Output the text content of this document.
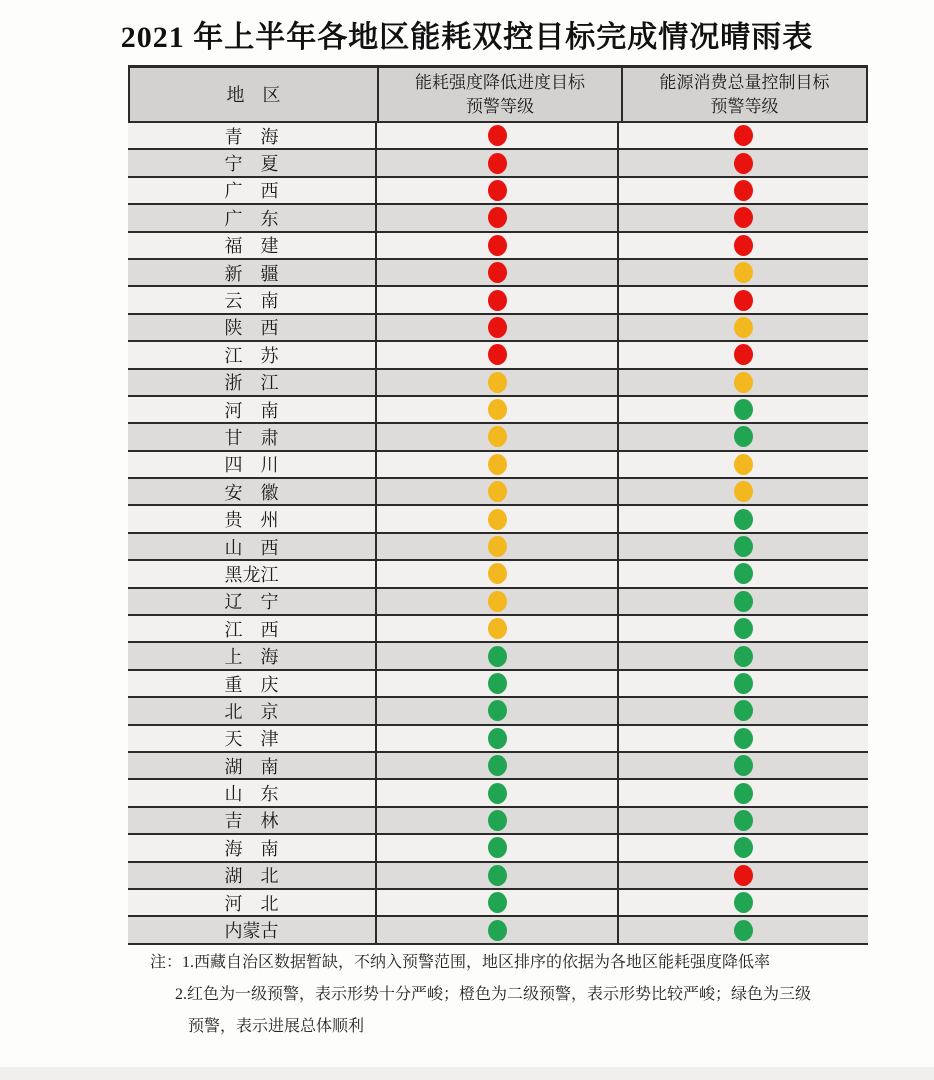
2021 年上半年各地区能耗双控目标完成情况晴雨表
地　区
能耗强度降低进度目标
预警等级
能源消费总量控制目标
预警等级
青　海
宁　夏
广　西
广　东
福　建
新　疆
云　南
陕　西
江　苏
浙　江
河　南
甘　肃
四　川
安　徽
贵　州
山　西
黑龙江
辽　宁
江　西
上　海
重　庆
北　京
天　津
湖　南
山　东
吉　林
海　南
湖　北
河　北
内蒙古

注：1.西藏自治区数据暂缺，不纳入预警范围，地区排序的依据为各地区能耗强度降低率

2.红色为一级预警，表示形势十分严峻；橙色为二级预警，表示形势比较严峻；绿色为三级

预警，表示进展总体顺利
